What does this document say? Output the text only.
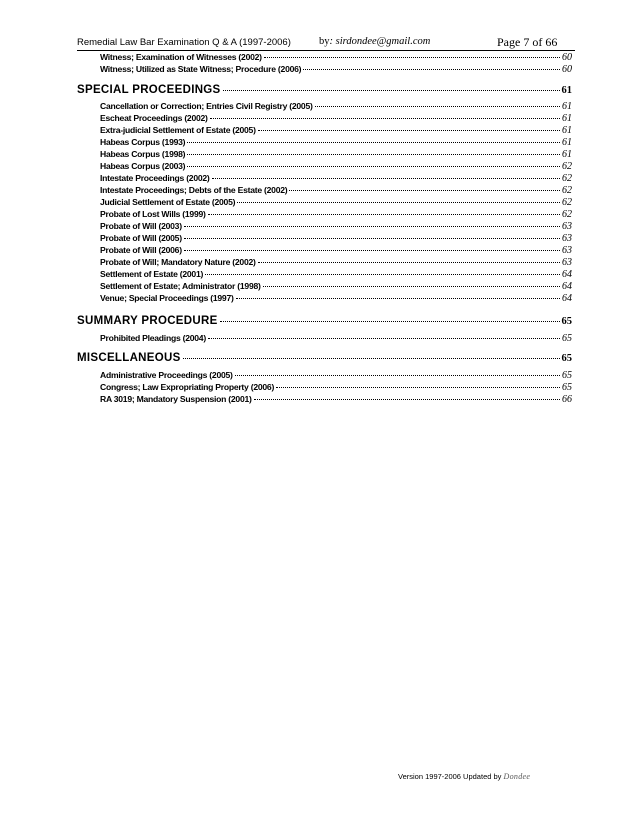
Remedial Law Bar Examination Q & A (1997-2006)	by: sirdondee@gmail.com	Page 7 of 66
Witness; Examination of Witnesses (2002)	60
Witness; Utilized as State Witness; Procedure (2006)	60
SPECIAL PROCEEDINGS	61
Cancellation or Correction; Entries Civil Registry (2005)	61
Escheat Proceedings (2002)	61
Extra-judicial Settlement of Estate (2005)	61
Habeas Corpus (1993)	61
Habeas Corpus (1998)	61
Habeas Corpus (2003)	62
Intestate Proceedings (2002)	62
Intestate Proceedings; Debts of the Estate (2002)	62
Judicial Settlement of Estate (2005)	62
Probate of Lost Wills (1999)	62
Probate of Will (2003)	63
Probate of Will (2005)	63
Probate of Will (2006)	63
Probate of Will; Mandatory Nature (2002)	63
Settlement of Estate (2001)	64
Settlement of Estate; Administrator (1998)	64
Venue; Special Proceedings (1997)	64
SUMMARY PROCEDURE	65
Prohibited Pleadings (2004)	65
MISCELLANEOUS	65
Administrative Proceedings (2005)	65
Congress; Law Expropriating Property (2006)	65
RA 3019; Mandatory Suspension (2001)	66
Version 1997-2006 Updated by Dondee
